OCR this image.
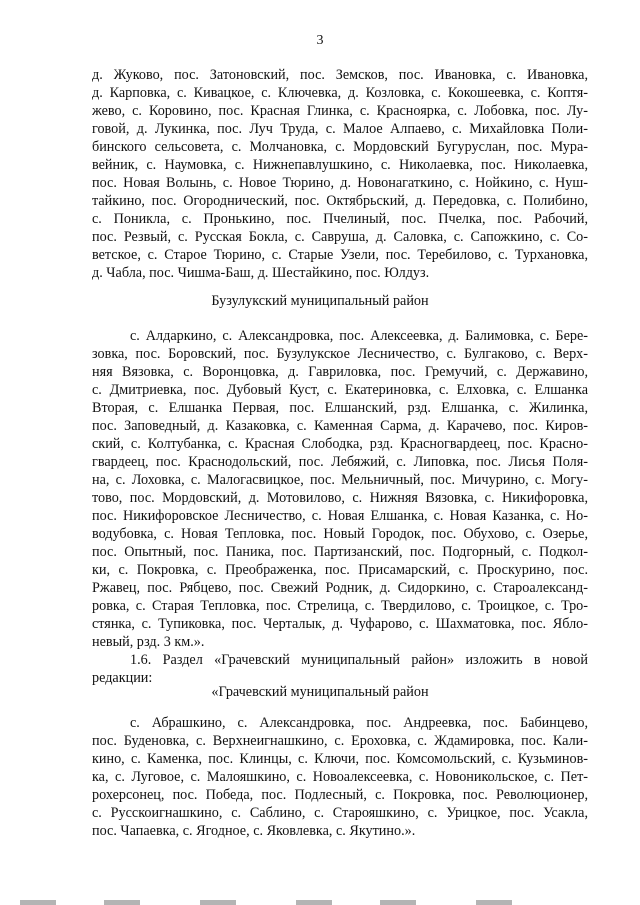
3
д. Жуково, пос. Затоновский, пос. Земсков, пос. Ивановка, с. Ивановка,
д. Карповка, с. Кивацкое, с. Ключевка, д. Козловка, с. Кокошеевка, с. Коптя-
жево, с. Коровино, пос. Красная Глинка, с. Красноярка, с. Лобовка, пос. Лу-
говой, д. Лукинка, пос. Луч Труда, с. Малое Алпаево, с. Михайловка Поли-
бинского сельсовета, с. Молчановка, с. Мордовский Бугуруслан, пос. Мура-
вейник, с. Наумовка, с. Нижнепавлушкино, с. Николаевка, пос. Николаевка,
пос. Новая Волынь, с. Новое Тюрино, д. Новонагаткино, с. Нойкино, с. Нуш-
тайкино, пос. Огороднический, пос. Октябрьский, д. Передовка, с. Полибино,
с. Поникла, с. Пронькино, пос. Пчелиный, пос. Пчелка, пос. Рабочий,
пос. Резвый, с. Русская Бокла, с. Савруша, д. Саловка, с. Сапожкино, с. Со-
ветское, с. Старое Тюрино, с. Старые Узели, пос. Теребилово, с. Турхановка,
д. Чабла, пос. Чишма-Баш, д. Шестайкино, пос. Юлдуз.
Бузулукский муниципальный район
с. Алдаркино, с. Александровка, пос. Алексеевка, д. Балимовка, с. Бере-
зовка, пос. Боровский, пос. Бузулукское Лесничество, с. Булгаково, с. Верх-
няя Вязовка, с. Воронцовка, д. Гавриловка, пос. Гремучий, с. Державино,
с. Дмитриевка, пос. Дубовый Куст, с. Екатериновка, с. Елховка, с. Елшанка
Вторая, с. Елшанка Первая, пос. Елшанский, рзд. Елшанка, с. Жилинка,
пос. Заповедный, д. Казаковка, с. Каменная Сарма, д. Карачево, пос. Киров-
ский, с. Колтубанка, с. Красная Слободка, рзд. Красногвардеец, пос. Красно-
гвардеец, пос. Краснодольский, пос. Лебяжий, с. Липовка, пос. Лисья Поля-
на, с. Лоховка, с. Малогасвицкое, пос. Мельничный, пос. Мичурино, с. Могу-
тово, пос. Мордовский, д. Мотовилово, с. Нижняя Вязовка, с. Никифоровка,
пос. Никифоровское Лесничество, с. Новая Елшанка, с. Новая Казанка, с. Но-
водубовка, с. Новая Тепловка, пос. Новый Городок, пос. Обухово, с. Озерье,
пос. Опытный, пос. Паника, пос. Партизанский, пос. Подгорный, с. Подкол-
ки, с. Покровка, с. Преображенка, пос. Присамарский, с. Проскурино, пос.
Ржавец, пос. Рябцево, пос. Свежий Родник, д. Сидоркино, с. Староалександ-
ровка, с. Старая Тепловка, пос. Стрелица, с. Твердилово, с. Троицкое, с. Тро-
стянка, с. Тупиковка, пос. Черталык, д. Чуфарово, с. Шахматовка, пос. Ябло-
невый, рзд. 3 км.».
1.6. Раздел «Грачевский муниципальный район» изложить в новой
редакции:
«Грачевский муниципальный район
с. Абрашкино, с. Александровка, пос. Андреевка, пос. Бабинцево,
пос. Буденовка, с. Верхнеигнашкино, с. Ероховка, с. Ждамировка, пос. Кали-
кино, с. Каменка, пос. Клинцы, с. Ключи, пос. Комсомольский, с. Кузьминов-
ка, с. Луговое, с. Малояшкино, с. Новоалексеевка, с. Новоникольское, с. Пет-
рохерсонец, пос. Победа, пос. Подлесный, с. Покровка, пос. Революционер,
с. Русскоигнашкино, с. Саблино, с. Старояшкино, с. Урицкое, пос. Усакла,
пос. Чапаевка, с. Ягодное, с. Яковлевка, с. Якутино.».
